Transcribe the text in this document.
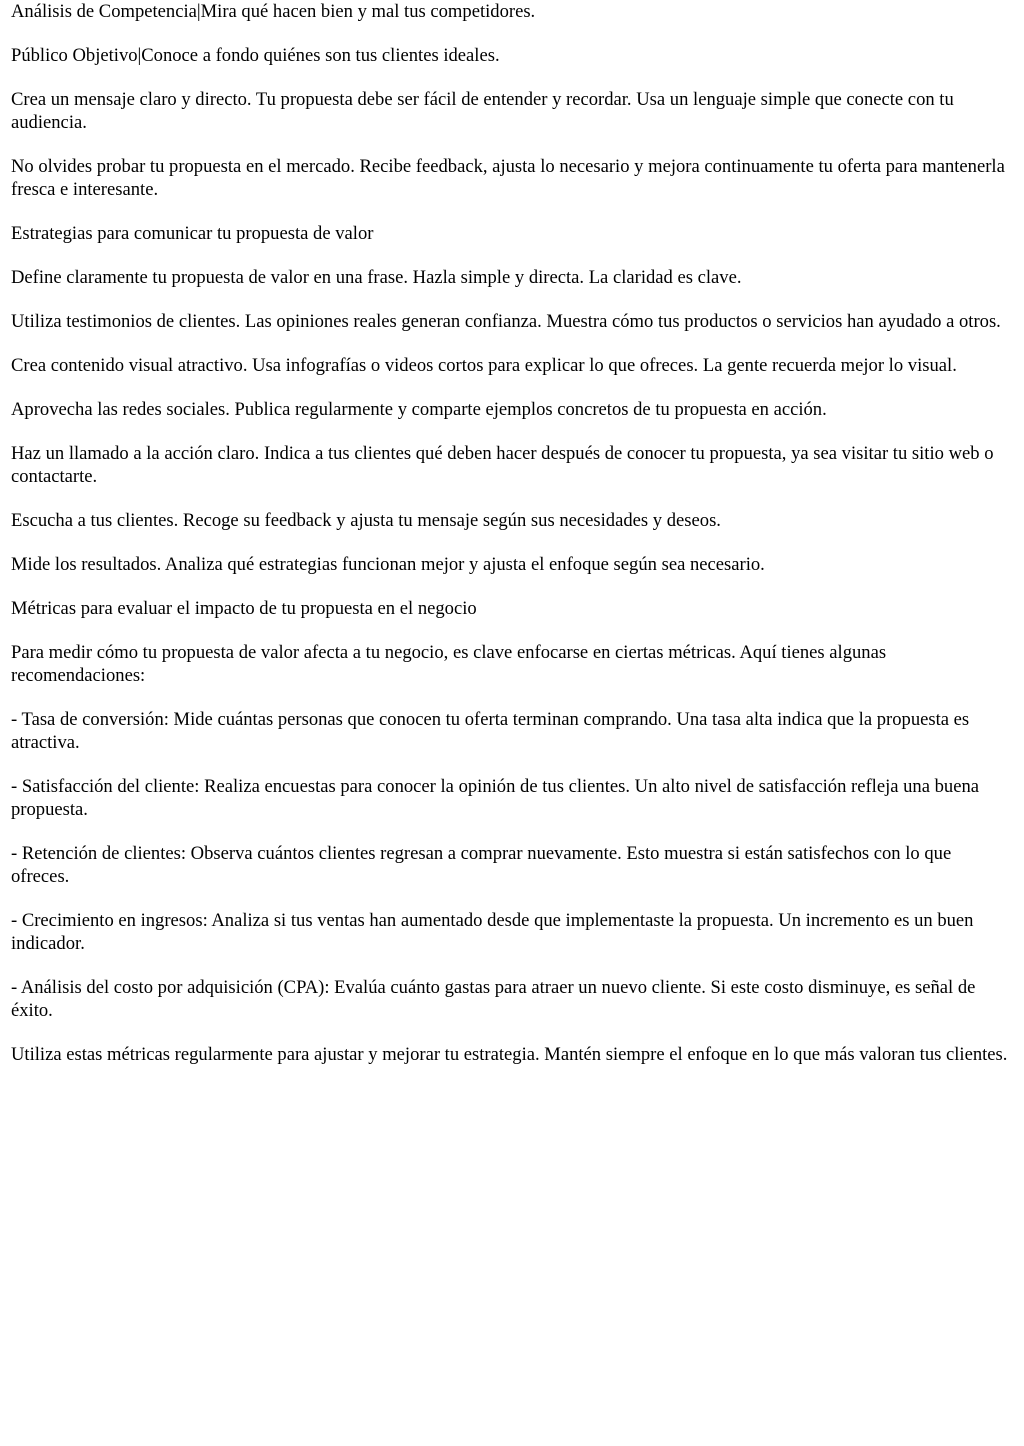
Análisis de Competencia|Mira qué hacen bien y mal tus competidores.

Público Objetivo|Conoce a fondo quiénes son tus clientes ideales.

Crea un mensaje claro y directo. Tu propuesta debe ser fácil de entender y recordar. Usa un lenguaje simple que conecte con tu audiencia.

No olvides probar tu propuesta en el mercado. Recibe feedback, ajusta lo necesario y mejora continuamente tu oferta para mantenerla fresca e interesante.

Estrategias para comunicar tu propuesta de valor

Define claramente tu propuesta de valor en una frase. Hazla simple y directa. La claridad es clave.

Utiliza testimonios de clientes. Las opiniones reales generan confianza. Muestra cómo tus productos o servicios han ayudado a otros.

Crea contenido visual atractivo. Usa infografías o videos cortos para explicar lo que ofreces. La gente recuerda mejor lo visual.

Aprovecha las redes sociales. Publica regularmente y comparte ejemplos concretos de tu propuesta en acción.

Haz un llamado a la acción claro. Indica a tus clientes qué deben hacer después de conocer tu propuesta, ya sea visitar tu sitio web o contactarte.

Escucha a tus clientes. Recoge su feedback y ajusta tu mensaje según sus necesidades y deseos.

Mide los resultados. Analiza qué estrategias funcionan mejor y ajusta el enfoque según sea necesario.

Métricas para evaluar el impacto de tu propuesta en el negocio

Para medir cómo tu propuesta de valor afecta a tu negocio, es clave enfocarse en ciertas métricas. Aquí tienes algunas recomendaciones:

- Tasa de conversión: Mide cuántas personas que conocen tu oferta terminan comprando. Una tasa alta indica que la propuesta es atractiva.

- Satisfacción del cliente: Realiza encuestas para conocer la opinión de tus clientes. Un alto nivel de satisfacción refleja una buena propuesta.

- Retención de clientes: Observa cuántos clientes regresan a comprar nuevamente. Esto muestra si están satisfechos con lo que ofreces.

- Crecimiento en ingresos: Analiza si tus ventas han aumentado desde que implementaste la propuesta. Un incremento es un buen indicador.

- Análisis del costo por adquisición (CPA): Evalúa cuánto gastas para atraer un nuevo cliente. Si este costo disminuye, es señal de éxito.

Utiliza estas métricas regularmente para ajustar y mejorar tu estrategia. Mantén siempre el enfoque en lo que más valoran tus clientes.
